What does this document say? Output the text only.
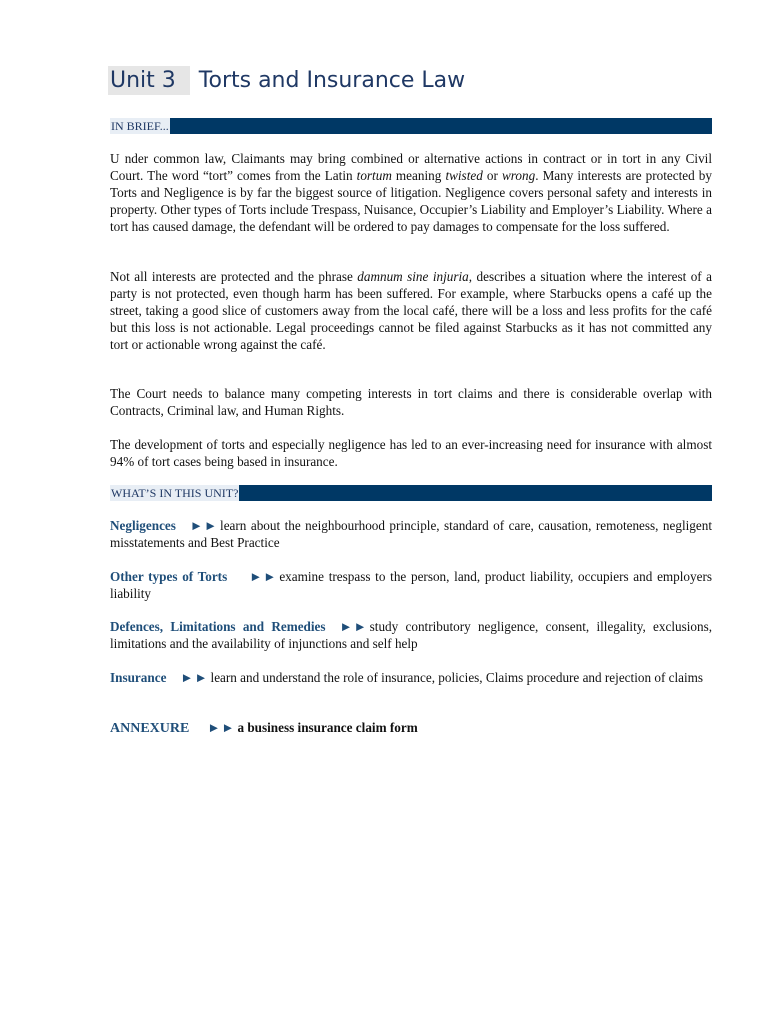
Unit 3 Torts and Insurance Law
IN BRIEF...

U nder common law, Claimants may bring combined or alternative actions in contract or in tort in any Civil Court. The word “tort” comes from the Latin tortum meaning twisted or wrong. Many interests are protected by Torts and Negligence is by far the biggest source of litigation. Negligence covers personal safety and interests in property. Other types of Torts include Trespass, Nuisance, Occupier’s Liability and Employer’s Liability. Where a tort has caused damage, the defendant will be ordered to pay damages to compensate for the loss suffered.

Not all interests are protected and the phrase damnum sine injuria, describes a situation where the interest of a party is not protected, even though harm has been suffered. For example, where Starbucks opens a café up the street, taking a good slice of customers away from the local café, there will be a loss and less profits for the café but this loss is not actionable. Legal proceedings cannot be filed against Starbucks as it has not committed any tort or actionable wrong against the café.

The Court needs to balance many competing interests in tort claims and there is considerable overlap with Contracts, Criminal law, and Human Rights.

The development of torts and especially negligence has led to an ever-increasing need for insurance with almost 94% of tort cases being based in insurance.

WHAT’S IN THIS UNIT?

Negligences ►► learn about the neighbourhood principle, standard of care, causation, remoteness, negligent misstatements and Best Practice

Other types of Torts ►► examine trespass to the person, land, product liability, occupiers and employers liability

Defences, Limitations and Remedies ►► study contributory negligence, consent, illegality, exclusions, limitations and the availability of injunctions and self help

Insurance ►► learn and understand the role of insurance, policies, Claims procedure and rejection of claims

ANNEXURE ►► a business insurance claim form
